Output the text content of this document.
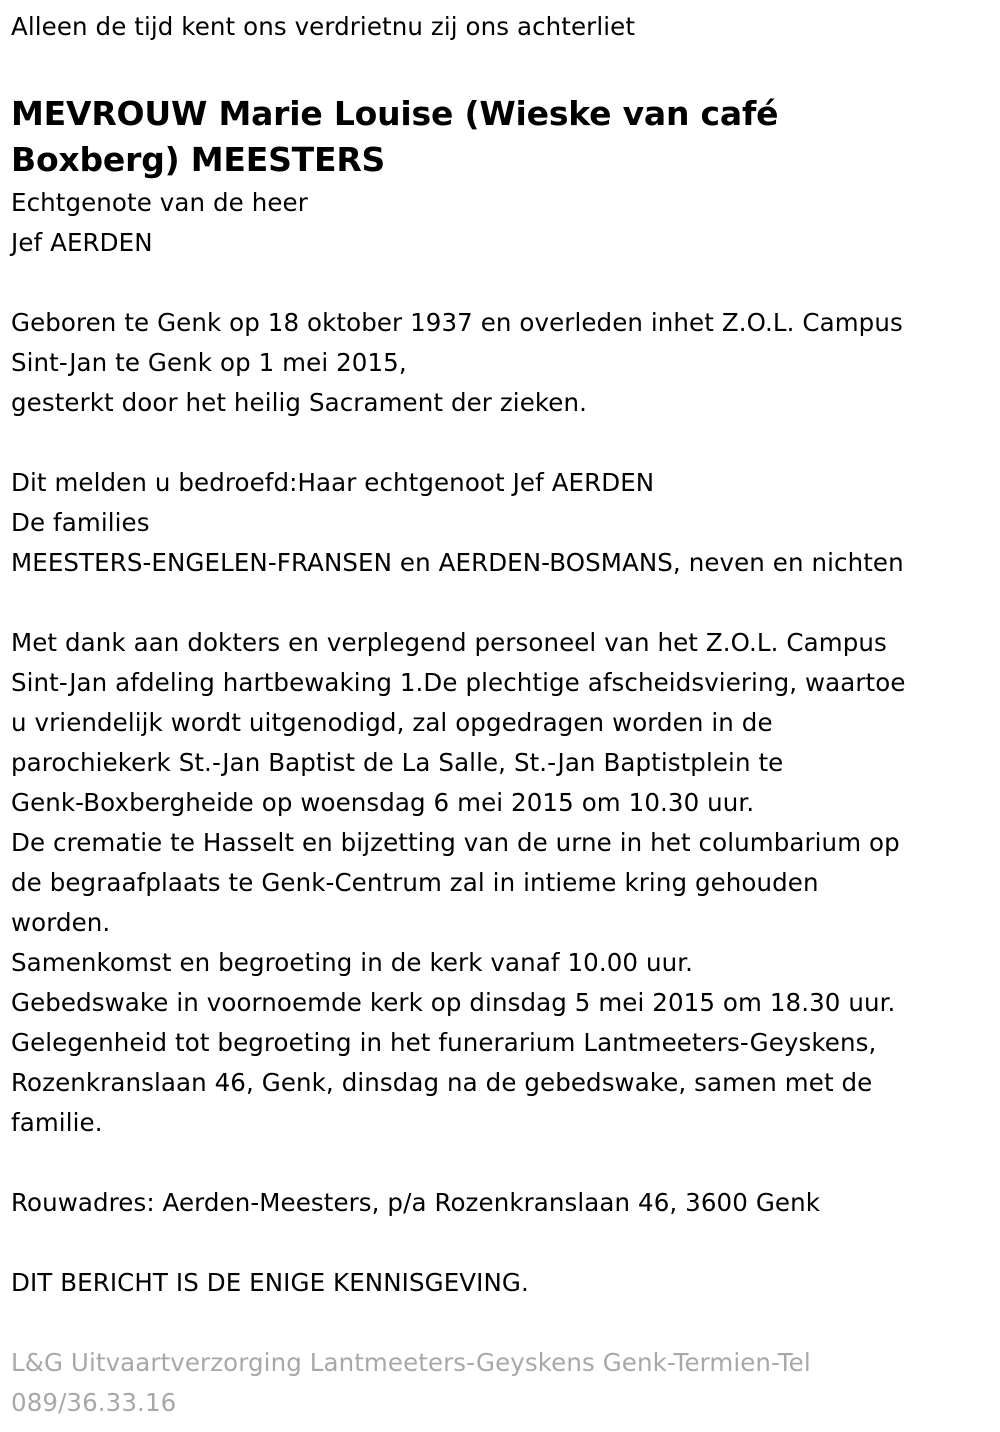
Alleen de tijd kent ons verdrietnu zij ons achterliet

MEVROUW Marie Louise (Wieske van café

Boxberg) MEESTERS

Echtgenote van de heer

Jef AERDEN

Geboren te Genk op 18 oktober 1937 en overleden inhet Z.O.L. Campus

Sint-Jan te Genk op 1 mei 2015,

gesterkt door het heilig Sacrament der zieken.

Dit melden u bedroefd:Haar echtgenoot Jef AERDEN

De families

MEESTERS-ENGELEN-FRANSEN en AERDEN-BOSMANS, neven en nichten

Met dank aan dokters en verplegend personeel van het Z.O.L. Campus

Sint-Jan afdeling hartbewaking 1.De plechtige afscheidsviering, waartoe

u vriendelijk wordt uitgenodigd, zal opgedragen worden in de

parochiekerk St.-Jan Baptist de La Salle, St.-Jan Baptistplein te

Genk-Boxbergheide op woensdag 6 mei 2015 om 10.30 uur.

De crematie te Hasselt en bijzetting van de urne in het columbarium op

de begraafplaats te Genk-Centrum zal in intieme kring gehouden

worden.

Samenkomst en begroeting in de kerk vanaf 10.00 uur.

Gebedswake in voornoemde kerk op dinsdag 5 mei 2015 om 18.30 uur.

Gelegenheid tot begroeting in het funerarium Lantmeeters-Geyskens,

Rozenkranslaan 46, Genk, dinsdag na de gebedswake, samen met de

familie.

Rouwadres: Aerden-Meesters, p/a Rozenkranslaan 46, 3600 Genk

DIT BERICHT IS DE ENIGE KENNISGEVING.

L&G Uitvaartverzorging Lantmeeters-Geyskens Genk-Termien-Tel

089/36.33.16
